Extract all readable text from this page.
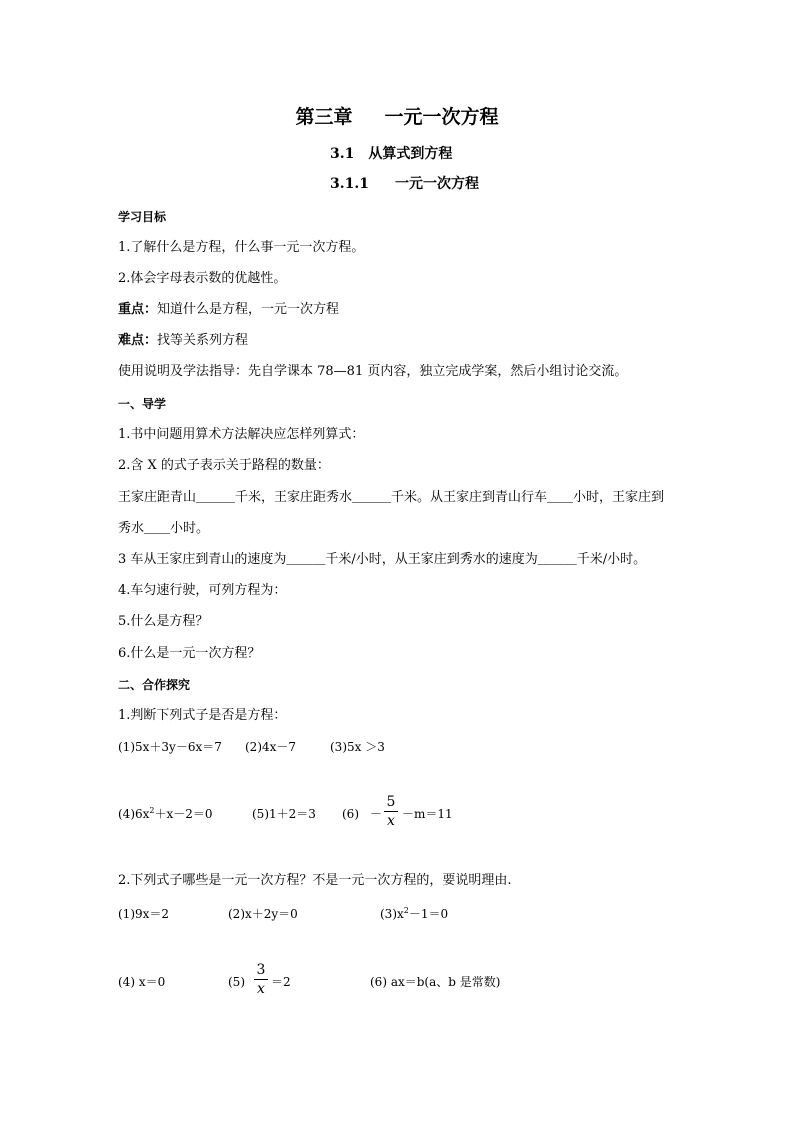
第三章 一元一次方程
3.1 从算式到方程
3.1.1 一元一次方程
学习目标
1.了解什么是方程，什么事一元一次方程。
2.体会字母表示数的优越性。
重点：知道什么是方程，一元一次方程
难点：找等关系列方程
使用说明及学法指导：先自学课本 78—81 页内容，独立完成学案，然后小组讨论交流。
一、导学
1.书中问题用算术方法解决应怎样列算式：
2.含 X 的式子表示关于路程的数量：
王家庄距青山＿＿＿千米，王家庄距秀水＿＿＿千米。从王家庄到青山行车＿＿小时，王家庄到
秀水＿＿小时。
3 车从王家庄到青山的速度为＿＿＿千米/小时，从王家庄到秀水的速度为＿＿＿千米/小时。
4.车匀速行驶，可列方程为：
5.什么是方程？
6.什么是一元一次方程？
二、合作探究
1.判断下列式子是否是方程：
(1)5x＋3y－6x＝7 (2)4x－7	(3)5x ＞3
$(4)6x^2+x-2=0$	(5)1＋2＝3 (6) －
5
x －m＝11
2.下列式子哪些是一元一次方程？不是一元一次方程的，要说明理由.
(1)9x＝2	(2)x＋2y＝0	$(3)x^2-1=0$
(4) x＝0	(5)
3
x ＝2	(6) ax＝b(a、b 是常数)
